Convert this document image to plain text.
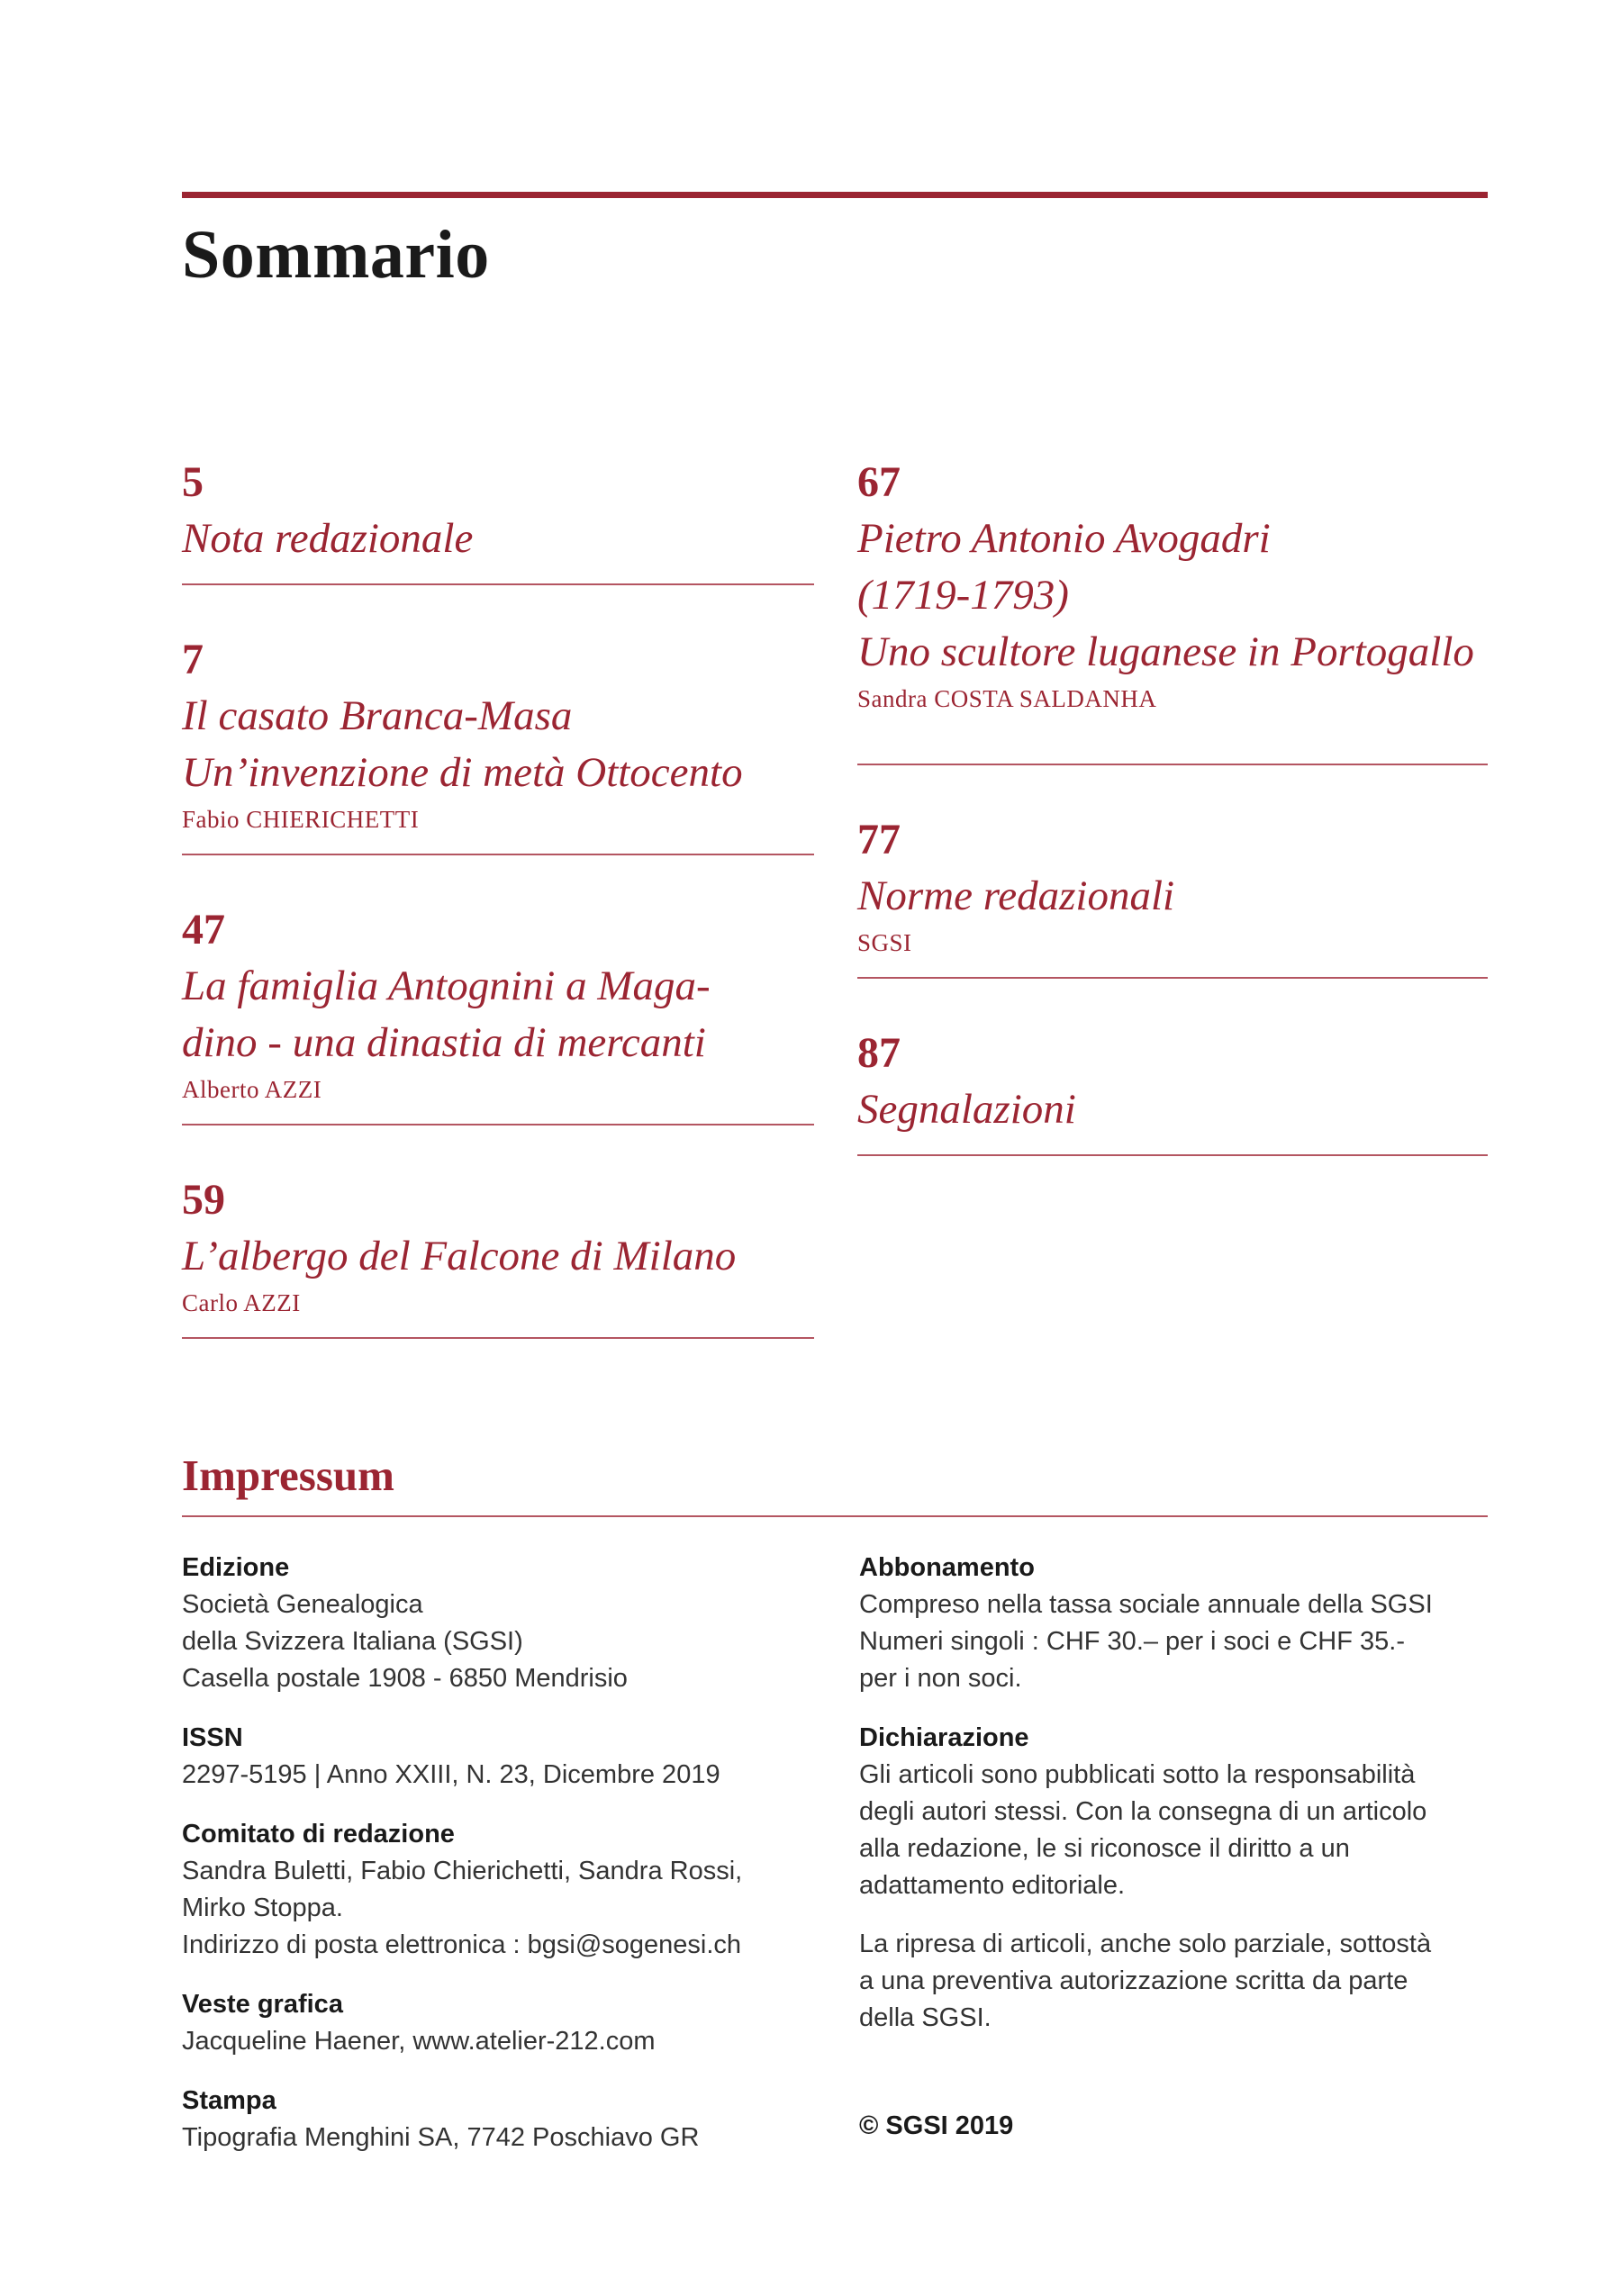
Sommario
5
Nota redazionale
7
Il casato Branca-Masa
Un’invenzione di metà Ottocento
Fabio CHIERICHETTI
47
La famiglia Antognini a Maga-
dino - una dinastia di mercanti
Alberto AZZI
59
L’albergo del Falcone di Milano
Carlo AZZI
67
Pietro Antonio Avogadri
(1719-1793)
Uno scultore luganese in Portogallo
Sandra COSTA SALDANHA
77
Norme redazionali
SGSI
87
Segnalazioni
Impressum
Edizione
Società Genealogica
della Svizzera Italiana (SGSI)
Casella postale 1908 - 6850 Mendrisio
ISSN
2297-5195 | Anno XXIII, N. 23, Dicembre 2019
Comitato di redazione
Sandra Buletti, Fabio Chierichetti, Sandra Rossi,
Mirko Stoppa.
Indirizzo di posta elettronica : bgsi@sogenesi.ch
Veste grafica
Jacqueline Haener, www.atelier-212.com
Stampa
Tipografia Menghini SA, 7742 Poschiavo GR
Abbonamento
Compreso nella tassa sociale annuale della SGSI
Numeri singoli : CHF 30.– per i soci e CHF 35.-
per i non soci.
Dichiarazione
Gli articoli sono pubblicati sotto la responsabilità
degli autori stessi. Con la consegna di un articolo
alla redazione, le si riconosce il diritto a un
adattamento editoriale.
La ripresa di articoli, anche solo parziale, sottostà
a una preventiva autorizzazione scritta da parte
della SGSI.
© SGSI 2019
